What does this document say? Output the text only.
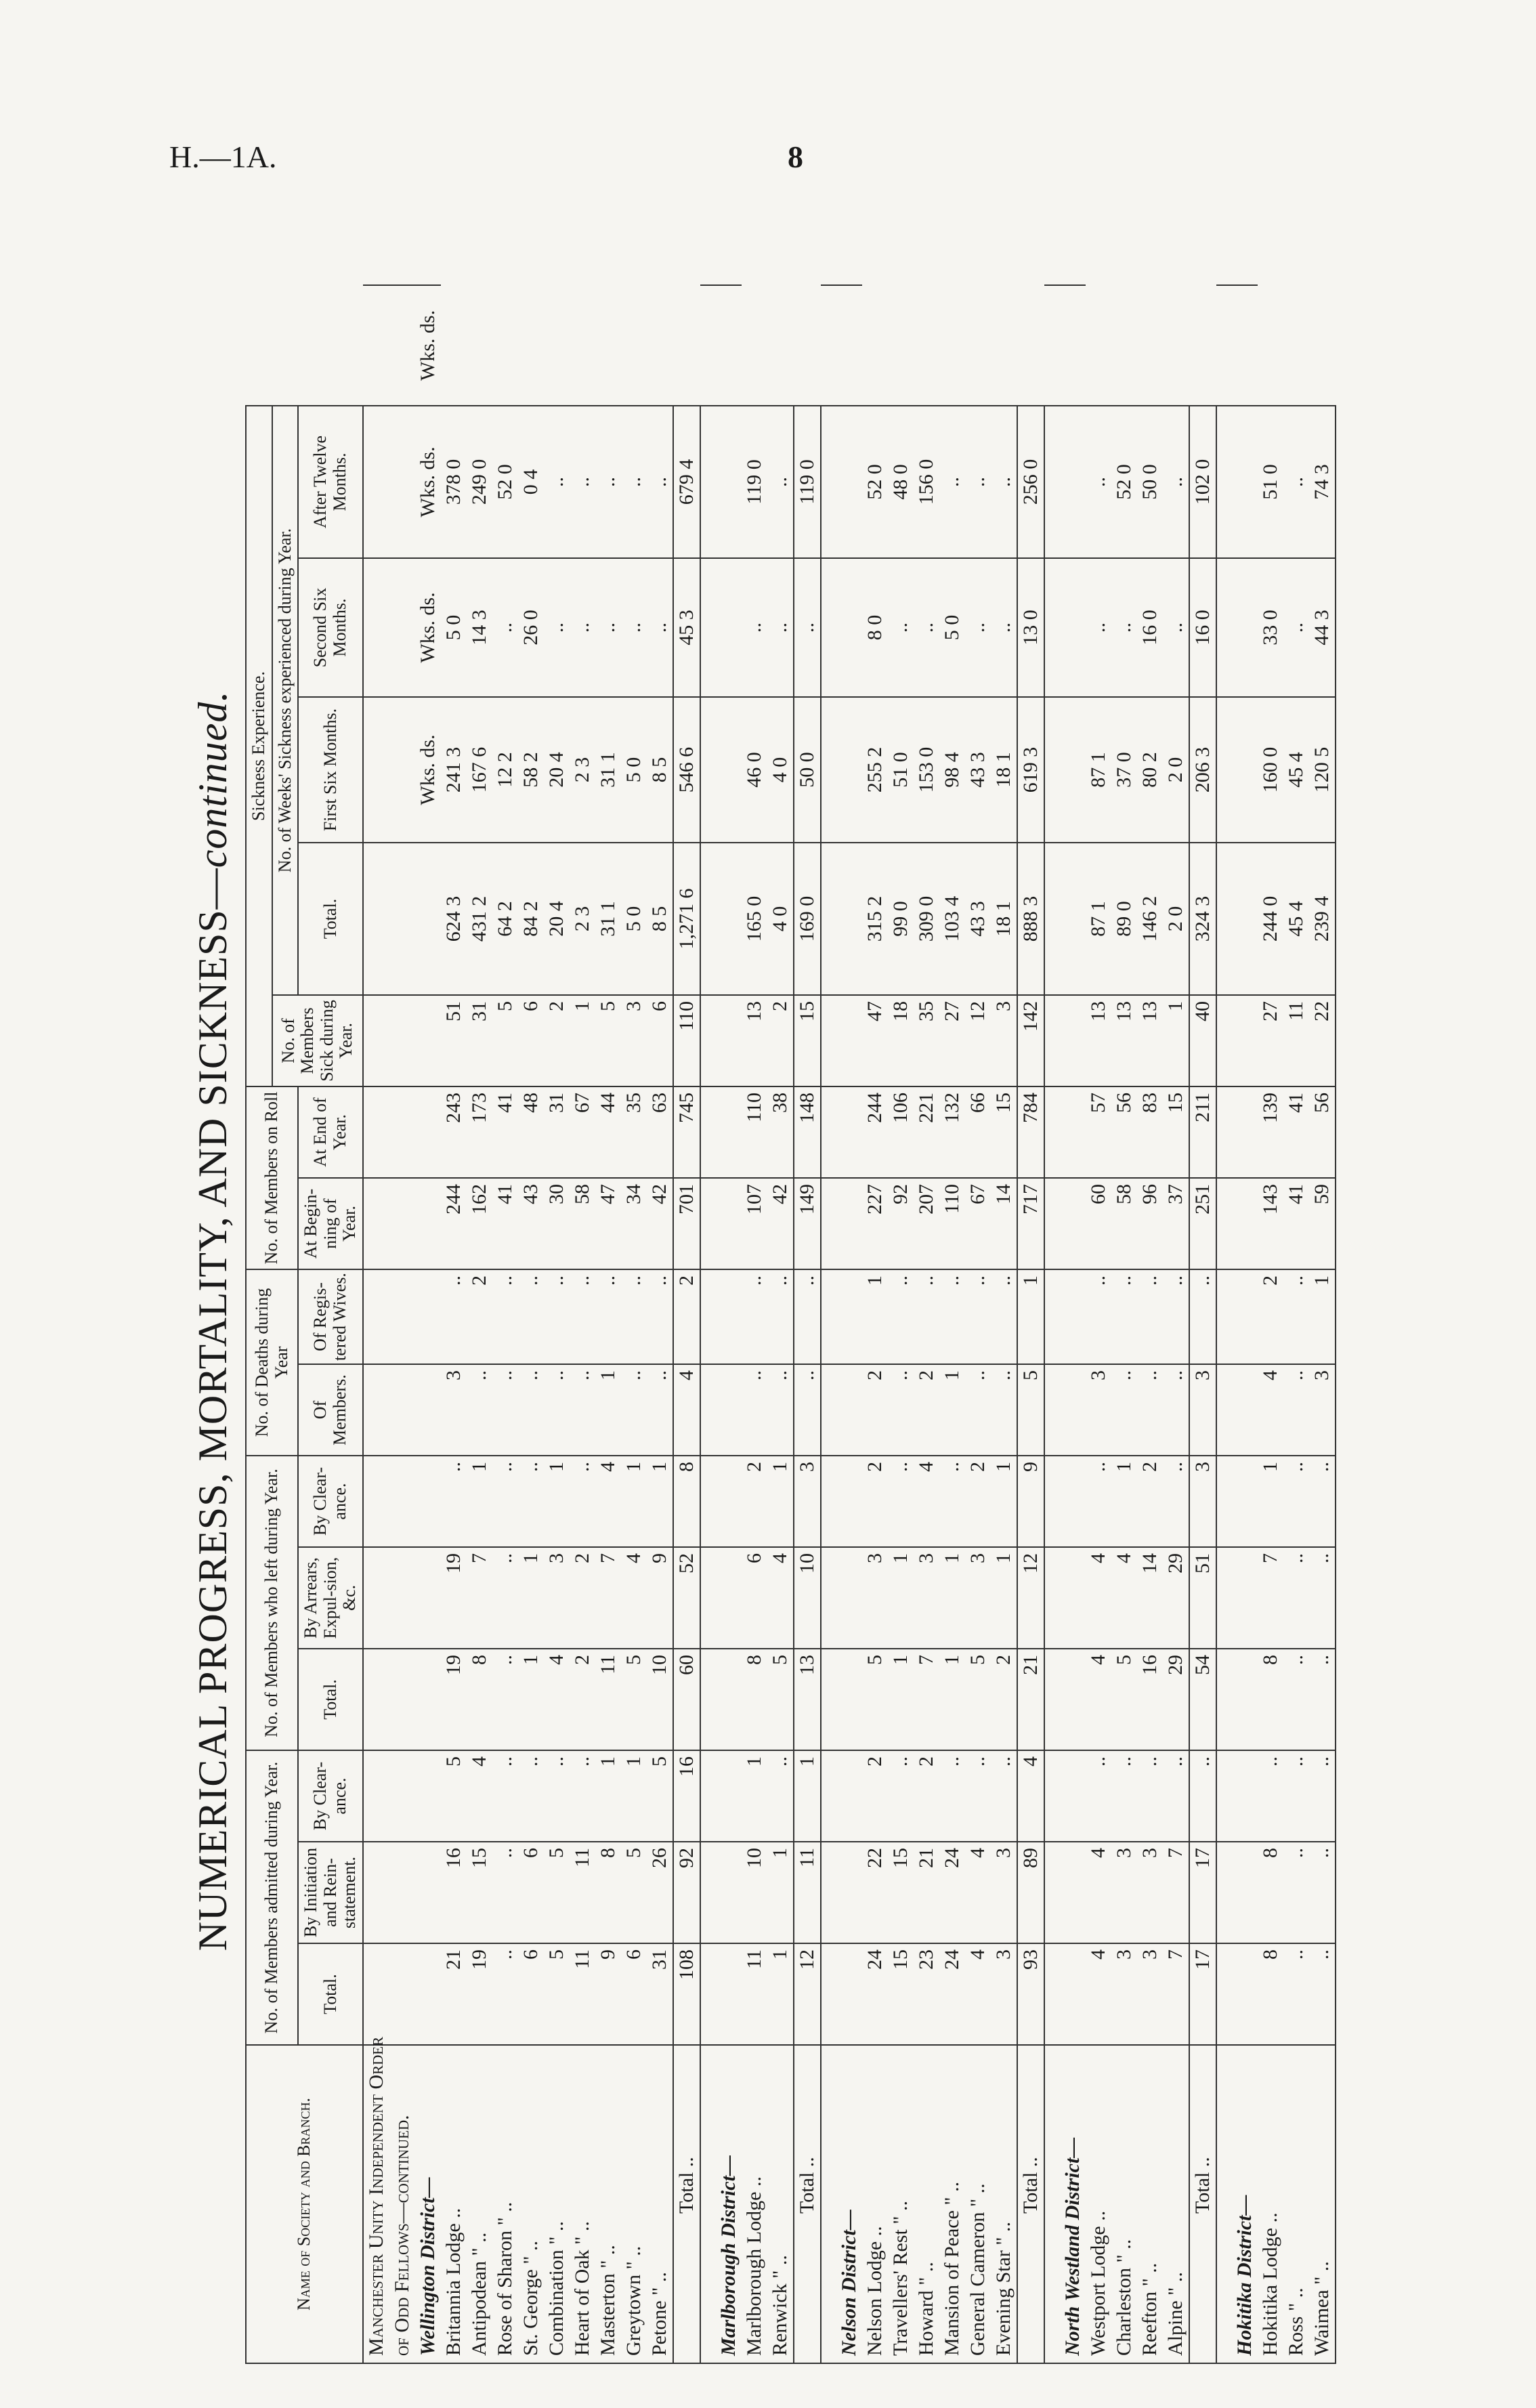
H.—1A.	8
NUMERICAL PROGRESS, MORTALITY, AND SICKNESS—continued.
Name of Society and Branch.	No. of Members admitted during Year.			No. of Members who left during Year.			No. of Deaths during Year		No. of Members on Roll		Sickness Experience.					
											No. of Members Sick during Year.	No. of Weeks' Sickness experienced during Year.				
	Total.	By Initiation and Rein-statement.	By Clear-ance.	Total.	By Arrears, Expul-sion, &c.	By Clear-ance.	Of Members.	Of Regis-tered Wives.	At Begin-ning of Year.	At End of Year.		Total.	First Six Months.	Second Six Months.	After Twelve Months.	
Manchester Unity Independent Order																
of Odd Fellows—continued.																
Wellington District—													Wks. ds.	Wks. ds.	Wks. ds.	Wks. ds.
Britannia Lodge ..	21	16	5	19	19	..	3	..	244	243	51	624 3	241 3	5 0	378 0	
Antipodean " ..	19	15	4	8	7	1	..	2	162	173	31	431 2	167 6	14 3	249 0	
Rose of Sharon " ..	..	..	..	..	..	..	..	..	41	41	5	64 2	12 2	..	52 0	
St. George " ..	6	6	..	1	1	..	..	..	43	48	6	84 2	58 2	26 0	0 4	
Combination " ..	5	5	..	4	3	1	..	..	30	31	2	20 4	20 4	..	..	
Heart of Oak " ..	11	11	..	2	2	..	..	..	58	67	1	2 3	2 3	..	..	
Masterton " ..	9	8	1	11	7	4	1	..	47	44	5	31 1	31 1	..	..	
Greytown " ..	6	5	1	5	4	1	..	..	34	35	3	5 0	5 0	..	..	
Petone " ..	31	26	5	10	9	1	..	..	42	63	6	8 5	8 5	..	..	
Total ..	108	92	16	60	52	8	4	2	701	745	110	1,271 6	546 6	45 3	679 4	

Marlborough District—																
Marlborough Lodge ..	11	10	1	8	6	2	..	..	107	110	13	165 0	46 0	..	119 0	
Renwick " ..	1	1	..	5	4	1	..	..	42	38	2	4 0	4 0	..	..	
Total ..	12	11	1	13	10	3	..	..	149	148	15	169 0	50 0	..	119 0	

Nelson District—																
Nelson Lodge ..	24	22	2	5	3	2	2	1	227	244	47	315 2	255 2	8 0	52 0	
Travellers' Rest " ..	15	15	..	1	1	..	..	..	92	106	18	99 0	51 0	..	48 0	
Howard " ..	23	21	2	7	3	4	2	..	207	221	35	309 0	153 0	..	156 0	
Mansion of Peace " ..	24	24	..	1	1	..	1	..	110	132	27	103 4	98 4	5 0	..	
General Cameron " ..	4	4	..	5	3	2	..	..	67	66	12	43 3	43 3	..	..	
Evening Star " ..	3	3	..	2	1	1	..	..	14	15	3	18 1	18 1	..	..	
Total ..	93	89	4	21	12	9	5	1	717	784	142	888 3	619 3	13 0	256 0	

North Westland District—																
Westport Lodge ..	4	4	..	4	4	..	3	..	60	57	13	87 1	87 1	..	..	
Charleston " ..	3	3	..	5	4	1	..	..	58	56	13	89 0	37 0	..	52 0	
Reefton " ..	3	3	..	16	14	2	..	..	96	83	13	146 2	80 2	16 0	50 0	
Alpine " ..	7	7	..	29	29	..	..	..	37	15	1	2 0	2 0	..	..	
Total ..	17	17	..	54	51	3	3	..	251	211	40	324 3	206 3	16 0	102 0	

Hokitika District—																
Hokitika Lodge ..	8	8	..	8	7	1	4	2	143	139	27	244 0	160 0	33 0	51 0	
Ross " ..	..	..	..	..	..	..	..	..	41	41	11	45 4	45 4	..	..	
Waimea " ..	..	..	..	..	..	..	3	1	59	56	22	239 4	120 5	44 3	74 3	
